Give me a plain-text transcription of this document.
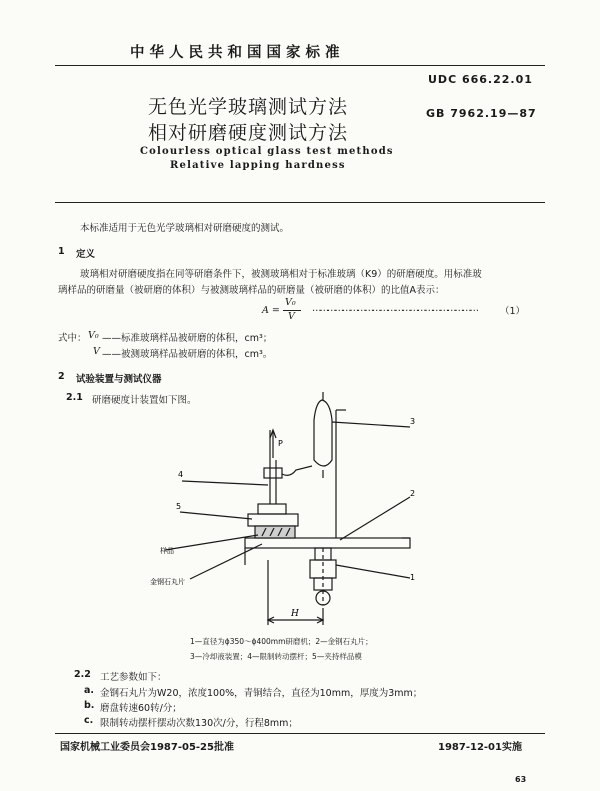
中华人民共和国国家标准
UDC 666.22.01
无色光学玻璃测试方法
相对研磨硬度测试方法
GB 7962.19—87
Colourless optical glass test methods
Relative lapping hardness
本标准适用于无色光学玻璃相对研磨硬度的测试。
1 定义
玻璃相对研磨硬度指在同等研磨条件下，被测玻璃相对于标准玻璃（K9）的研磨硬度。用标准玻
璃样品的研磨量（被研磨的体积）与被测玻璃样品的研磨量（被研磨的体积）的比值A表示：
A =
V₀
V
…………………………………………………………	（1）
式中： V₀ ——标准玻璃样品被研磨的体积，cm³；
V ——被测玻璃样品被研磨的体积，cm³。
2 试验装置与测试仪器
2.1 研磨硬度计装置如下图。
P
4
5
样品
金钢石丸片
3
2
1
H
1—直径为ϕ350～ϕ400mm研磨机；2—金钢石丸片；
3—冷却液装置；4—限制转动摆杆；5—夹持样品模
2.2 工艺参数如下：
a. 金钢石丸片为W20，浓度100%，青铜结合，直径为10mm，厚度为3mm；
b. 磨盘转速60转/分；
c. 限制转动摆杆摆动次数130次/分，行程8mm；
国家机械工业委员会1987-05-25批准	1987-12-01实施
63
